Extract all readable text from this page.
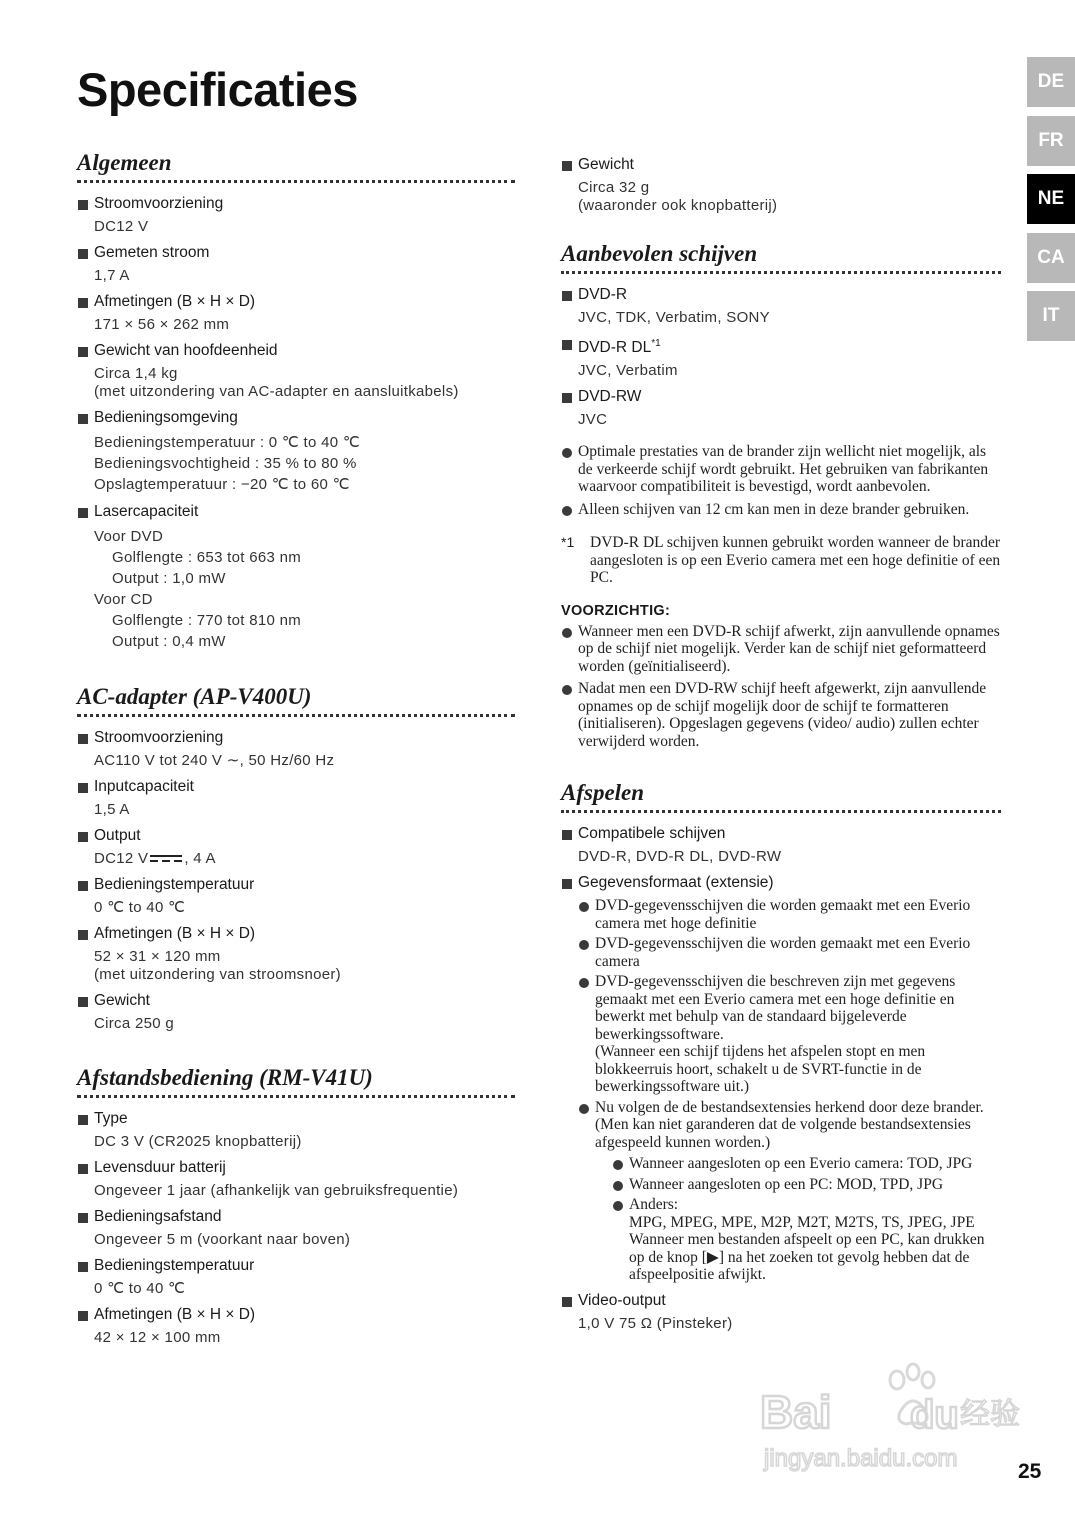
Specificaties
Algemeen
Stroomvoorziening
DC12 V
Gemeten stroom
1,7 A
Afmetingen (B × H × D)
171 × 56 × 262 mm
Gewicht van hoofdeenheid
Circa 1,4 kg
(met uitzondering van AC-adapter en aansluitkabels)
Bedieningsomgeving
Bedieningstemperatuur : 0 ℃ to 40 ℃
Bedieningsvochtigheid : 35 % to 80 %
Opslagtemperatuur : −20 ℃ to 60 ℃
Lasercapaciteit
Voor DVD
Golflengte : 653 tot 663 nm
Output : 1,0 mW
Voor CD
Golflengte : 770 tot 810 nm
Output : 0,4 mW
AC-adapter (AP-V400U)
Stroomvoorziening
AC110 V tot 240 V ∼, 50 Hz/60 Hz
Inputcapaciteit
1,5 A
Output
DC12 V , 4 A
Bedieningstemperatuur
0 ℃ to 40 ℃
Afmetingen (B × H × D)
52 × 31 × 120 mm
(met uitzondering van stroomsnoer)
Gewicht
Circa 250 g
Afstandsbediening (RM-V41U)
Type
DC 3 V (CR2025 knopbatterij)
Levensduur batterij
Ongeveer 1 jaar (afhankelijk van gebruiksfrequentie)
Bedieningsafstand
Ongeveer 5 m (voorkant naar boven)
Bedieningstemperatuur
0 ℃ to 40 ℃
Afmetingen (B × H × D)
42 × 12 × 100 mm
Gewicht
Circa 32 g
(waaronder ook knopbatterij)
Aanbevolen schijven
DVD-R
JVC, TDK, Verbatim, SONY
DVD-R DL$^{*1}$
JVC, Verbatim
DVD-RW
JVC
Optimale prestaties van de brander zijn wellicht niet mogelijk, als de verkeerde schijf wordt gebruikt. Het gebruiken van fabrikanten waarvoor compatibiliteit is bevestigd, wordt aanbevolen.
Alleen schijven van 12 cm kan men in deze brander gebruiken.
*1 DVD-R DL schijven kunnen gebruikt worden wanneer de brander aangesloten is op een Everio camera met een hoge definitie of een PC.
VOORZICHTIG:
Wanneer men een DVD-R schijf afwerkt, zijn aanvullende opnames op de schijf niet mogelijk. Verder kan de schijf niet geformatteerd worden (geïnitialiseerd).
Nadat men een DVD-RW schijf heeft afgewerkt, zijn aanvullende opnames op de schijf mogelijk door de schijf te formatteren (initialiseren). Opgeslagen gegevens (video/ audio) zullen echter verwijderd worden.
Afspelen
Compatibele schijven
DVD-R, DVD-R DL, DVD-RW
Gegevensformaat (extensie)
DVD-gegevensschijven die worden gemaakt met een Everio camera met hoge definitie
DVD-gegevensschijven die worden gemaakt met een Everio camera
DVD-gegevensschijven die beschreven zijn met gegevens gemaakt met een Everio camera met een hoge definitie en bewerkt met behulp van de standaard bijgeleverde bewerkingssoftware.
(Wanneer een schijf tijdens het afspelen stopt en men blokkeerruis hoort, schakelt u de SVRT-functie in de bewerkingssoftware uit.)
Nu volgen de de bestandsextensies herkend door deze brander. (Men kan niet garanderen dat de volgende bestandsextensies afgespeeld kunnen worden.)
Wanneer aangesloten op een Everio camera: TOD, JPG
Wanneer aangesloten op een PC: MOD, TPD, JPG
Anders:
MPG, MPEG, MPE, M2P, M2T, M2TS, TS, JPEG, JPE
Wanneer men bestanden afspeelt op een PC, kan drukken op de knop [▶] na het zoeken tot gevolg hebben dat de afspeelpositie afwijkt.
Video-output
1,0 V 75 Ω (Pinsteker)
DE
FR
NE
CA
IT
Bai du 经验
jingyan.baidu.com	25
